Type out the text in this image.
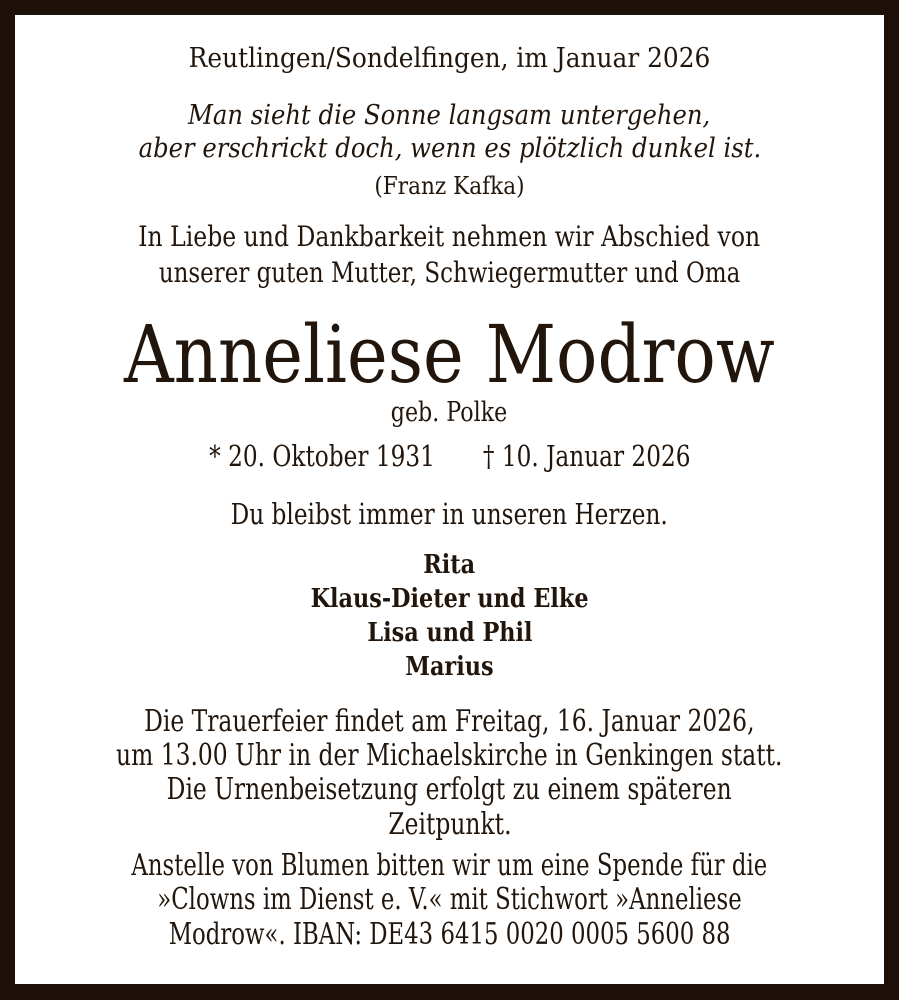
Reutlingen/Sondelfingen, im Januar 2026
Man sieht die Sonne langsam untergehen,
aber erschrickt doch, wenn es plötzlich dunkel ist.
(Franz Kafka)
In Liebe und Dankbarkeit nehmen wir Abschied von
unserer guten Mutter, Schwiegermutter und Oma
Anneliese Modrow
geb. Polke
* 20. Oktober 1931 † 10. Januar 2026
Du bleibst immer in unseren Herzen.
Rita
Klaus-Dieter und Elke
Lisa und Phil
Marius
Die Trauerfeier findet am Freitag, 16. Januar 2026,
um 13.00 Uhr in der Michaelskirche in Genkingen statt.
Die Urnenbeisetzung erfolgt zu einem späteren
Zeitpunkt.
Anstelle von Blumen bitten wir um eine Spende für die
»Clowns im Dienst e. V.« mit Stichwort »Anneliese
Modrow«. IBAN: DE43 6415 0020 0005 5600 88
